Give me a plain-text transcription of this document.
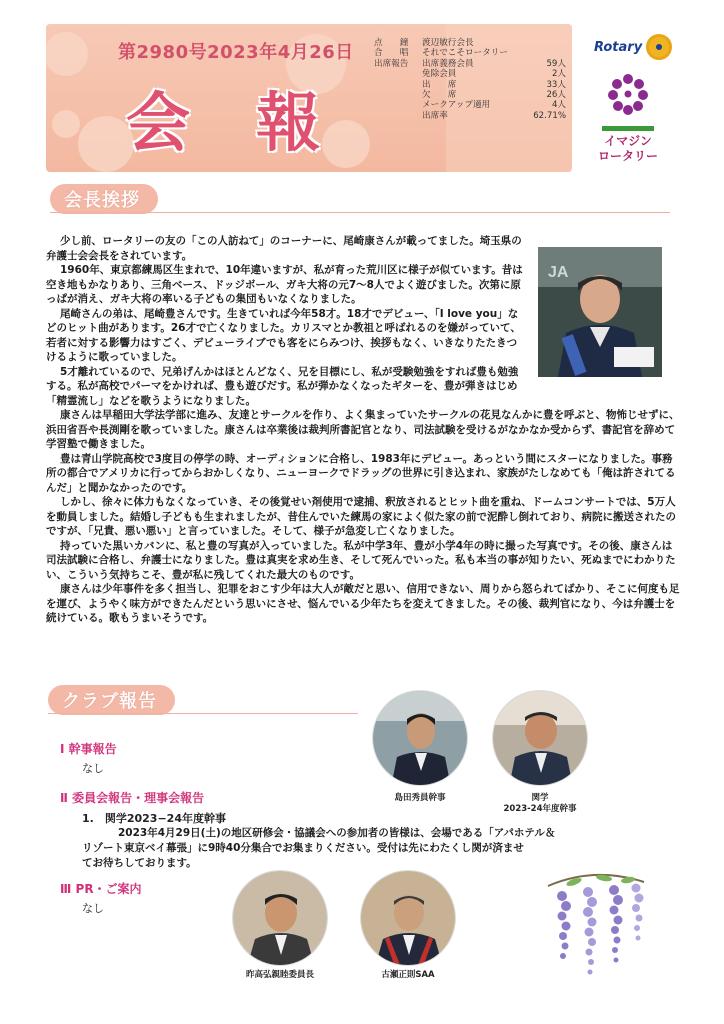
第2980号2023年4月26日
会 報
点　　鐘	渡辺敏行会長
合　　唱	それでこそロータリー
出席報告	出席義務会員	59人
免除会員	2人
出　　席	33人
欠　　席	26人
メークアップ適用	4人
出席率	62.71%
Rotary
イマジン
ロータリー
会長挨拶
JA

少し前、ロータリーの友の「この人訪ねて」のコーナーに、尾崎康さんが載ってました。埼玉県の弁護士会会長をされています。

1960年、東京都練馬区生まれで、10年違いますが、私が育った荒川区に様子が似ています。昔は空き地もかなりあり、三角ベース、ドッジボール、ガキ大将の元7～8人でよく遊びました。次第に原っぱが消え、ガキ大将の率いる子どもの集団もいなくなりました。

尾崎さんの弟は、尾崎豊さんです。生きていれば今年58才。18才でデビュー、「I love you」などのヒット曲があります。26才で亡くなりました。カリスマとか教祖と呼ばれるのを嫌がっていて、若者に対する影響力はすごく、デビューライブでも客をにらみつけ、挨拶もなく、いきなりたたきつけるように歌っていました。

5才離れているので、兄弟げんかはほとんどなく、兄を目標にし、私が受験勉強をすれば豊も勉強する。私が高校でパーマをかければ、豊も遊びだす。私が弾かなくなったギターを、豊が弾きはじめ「精霊流し」などを歌うようになりました。

康さんは早稲田大学法学部に進み、友達とサークルを作り、よく集まっていたサークルの花見なんかに豊を呼ぶと、物怖じせずに、浜田省吾や長渕剛を歌っていました。康さんは卒業後は裁判所書記官となり、司法試験を受けるがなかなか受からず、書記官を辞めて学習塾で働きました。

豊は青山学院高校で3度目の停学の時、オーディションに合格し、1983年にデビュー。あっという間にスターになりました。事務所の都合でアメリカに行ってからおかしくなり、ニューヨークでドラッグの世界に引き込まれ、家族がたしなめても「俺は許されてるんだ」と聞かなかったのです。

しかし、徐々に体力もなくなっていき、その後覚せい剤使用で逮捕、釈放されるとヒット曲を重ね、ドームコンサートでは、5万人を動員しました。結婚し子どもも生まれましたが、昔住んでいた練馬の家によく似た家の前で泥酔し倒れており、病院に搬送されたのですが、「兄貴、悪い悪い」と言っていました。そして、様子が急変し亡くなりました。

持っていた黒いカバンに、私と豊の写真が入っていました。私が中学3年、豊が小学4年の時に撮った写真です。その後、康さんは司法試験に合格し、弁護士になりました。豊は真実を求め生き、そして死んでいった。私も本当の事が知りたい、死ぬまでにわかりたい、こういう気持ちこそ、豊が私に残してくれた最大のものです。

康さんは少年事件を多く担当し、犯罪をおこす少年は大人が敵だと思い、信用できない、周りから怒られてばかり、そこに何度も足を運び、ようやく味方ができたんだという思いにさせ、悩んでいる少年たちを変えてきました。その後、裁判官になり、今は弁護士を続けている。歌もうまいそうです。

クラブ報告
Ⅰ 幹事報告
なし
Ⅱ 委員会報告・理事会報告
1.　関学2023−24年度幹事
2023年4月29日(土)の地区研修会・協議会への参加者の皆様は、会場である「アパホテル＆
リゾート東京ベイ幕張」に9時40分集合でお集まりください。受付は先にわたくし関が済ませ
てお待ちしております。
Ⅲ PR・ご案内
なし
島田秀員幹事	関学
2023-24年度幹事
昨高弘親睦委員長	古瀬正則SAA
